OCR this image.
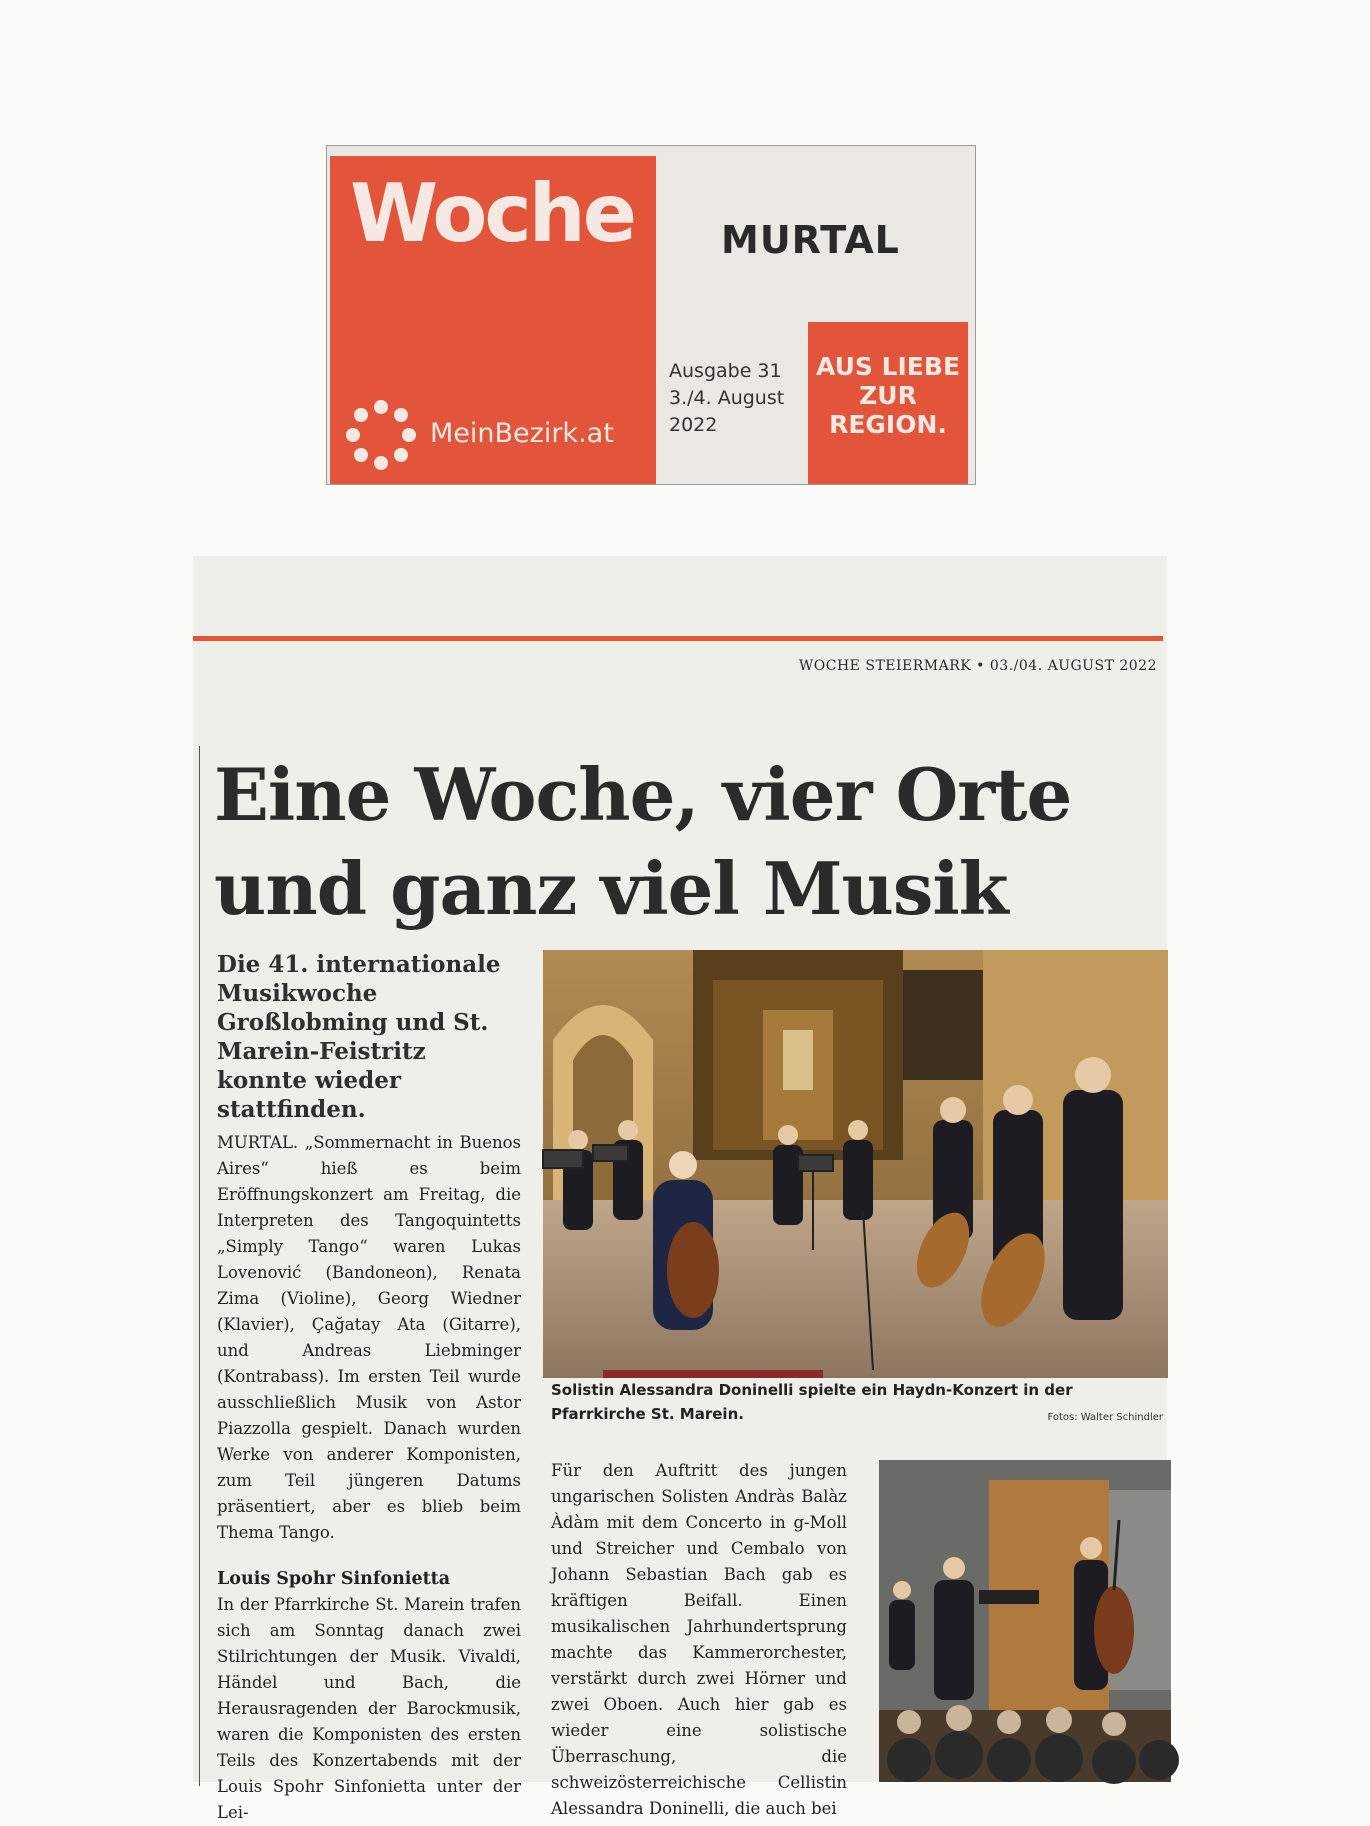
Woche
MeinBezirk.at
MURTAL
Ausgabe 31
3./4. August
2022
AUS LIEBE
ZUR
REGION.
WOCHE STEIERMARK • 03./04. AUGUST 2022
Eine Woche, vier Orte
und ganz viel Musik
Die 41. internationale Musikwoche Großlobming und St. Marein-Feistritz konnte wieder stattfinden.

MURTAL. „Sommernacht in Buenos Aires“ hieß es beim Eröffnungskonzert am Freitag, die Interpreten des Tangoquintetts „Simply Tango“ waren Lukas Lovenović (Bandoneon), Renata Zima (Violine), Georg Wiedner (Klavier), Çağatay Ata (Gitarre), und Andreas Liebminger (Kontrabass). Im ersten Teil wurde ausschließlich Musik von Astor Piazzolla gespielt. Danach wurden Werke von anderer Komponisten, zum Teil jüngeren Datums präsentiert, aber es blieb beim Thema Tango.

Louis Spohr Sinfonietta

In der Pfarrkirche St. Marein trafen sich am Sonntag danach zwei Stilrichtungen der Musik. Vivaldi, Händel und Bach, die Herausragenden der Barockmusik, waren die Komponisten des ersten Teils des Konzertabends mit der Louis Spohr Sinfonietta unter der Lei-

Solistin Alessandra Doninelli spielte ein Haydn-Konzert in der Pfarrkirche St. Marein.	Fotos: Walter Schindler

Für den Auftritt des jungen ungarischen Solisten Andràs Balàz Àdàm mit dem Concerto in g-Moll und Streicher und Cembalo von Johann Sebastian Bach gab es kräftigen Beifall. Einen musikalischen Jahrhundertsprung machte das Kammerorchester, verstärkt durch zwei Hörner und zwei Oboen. Auch hier gab es wieder eine solistische Überraschung, die schweizösterreichische Cellistin Alessandra Doninelli, die auch bei
